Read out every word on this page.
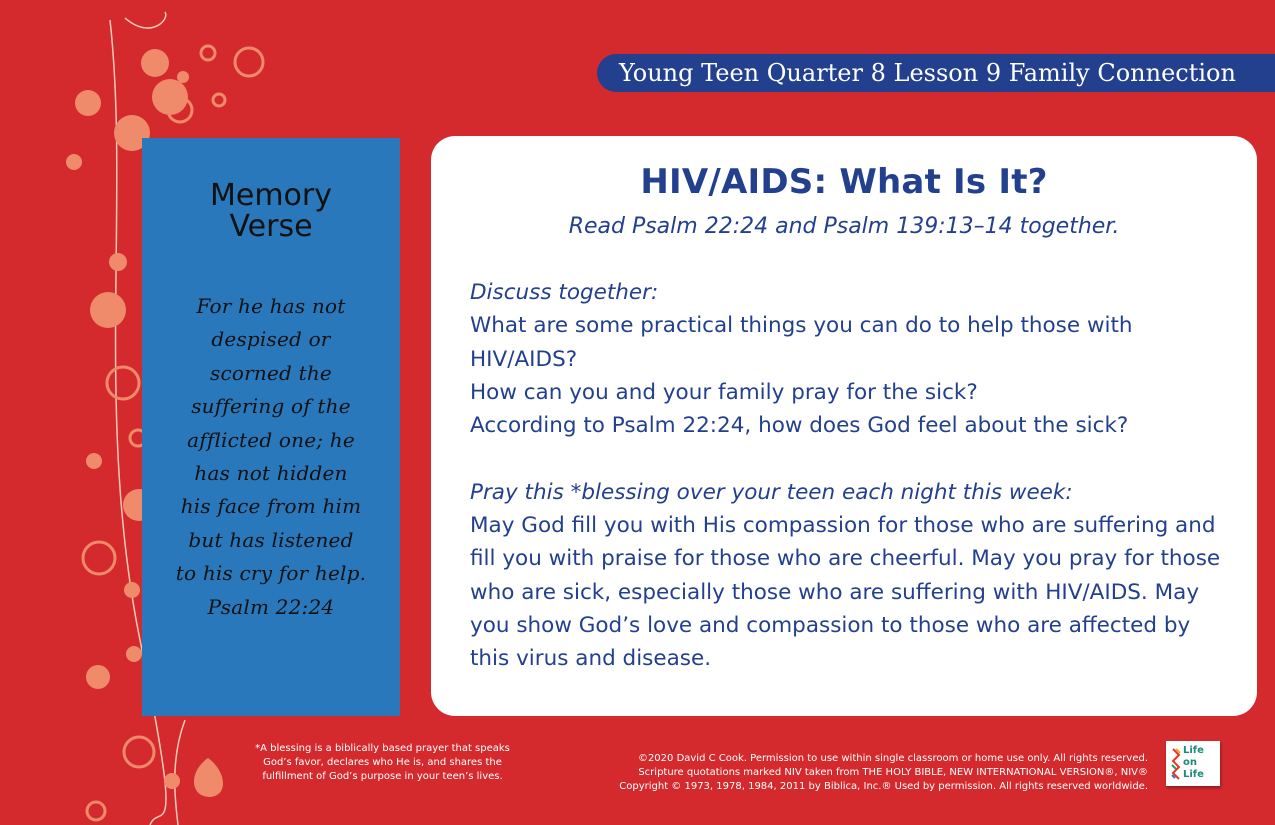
Young Teen Quarter 8 Lesson 9 Family Connection
Memory
Verse
For he has not
despised or
scorned the
suffering of the
afflicted one; he
has not hidden
his face from him
but has listened
to his cry for help.
Psalm 22:24
HIV/AIDS: What Is It?
Read Psalm 22:24 and Psalm 139:13–14 together.

Discuss together:

What are some practical things you can do to help those with HIV/AIDS?

How can you and your family pray for the sick?

According to Psalm 22:24, how does God feel about the sick?

Pray this *blessing over your teen each night this week:

May God fill you with His compassion for those who are suffering and fill you with praise for those who are cheerful. May you pray for those who are sick, especially those who are suffering with HIV/AIDS. May you show God’s love and compassion to those who are affected by this virus and disease.

*A blessing is a biblically based prayer that speaks
God’s favor, declares who He is, and shares the
fulfillment of God’s purpose in your teen’s lives.
©2020 David C Cook. Permission to use within single classroom or home use only. All rights reserved.
Scripture quotations marked NIV taken from THE HOLY BIBLE, NEW INTERNATIONAL VERSION®, NIV®
Copyright © 1973, 1978, 1984, 2011 by Biblica, Inc.® Used by permission. All rights reserved worldwide.
Life
on
Life
